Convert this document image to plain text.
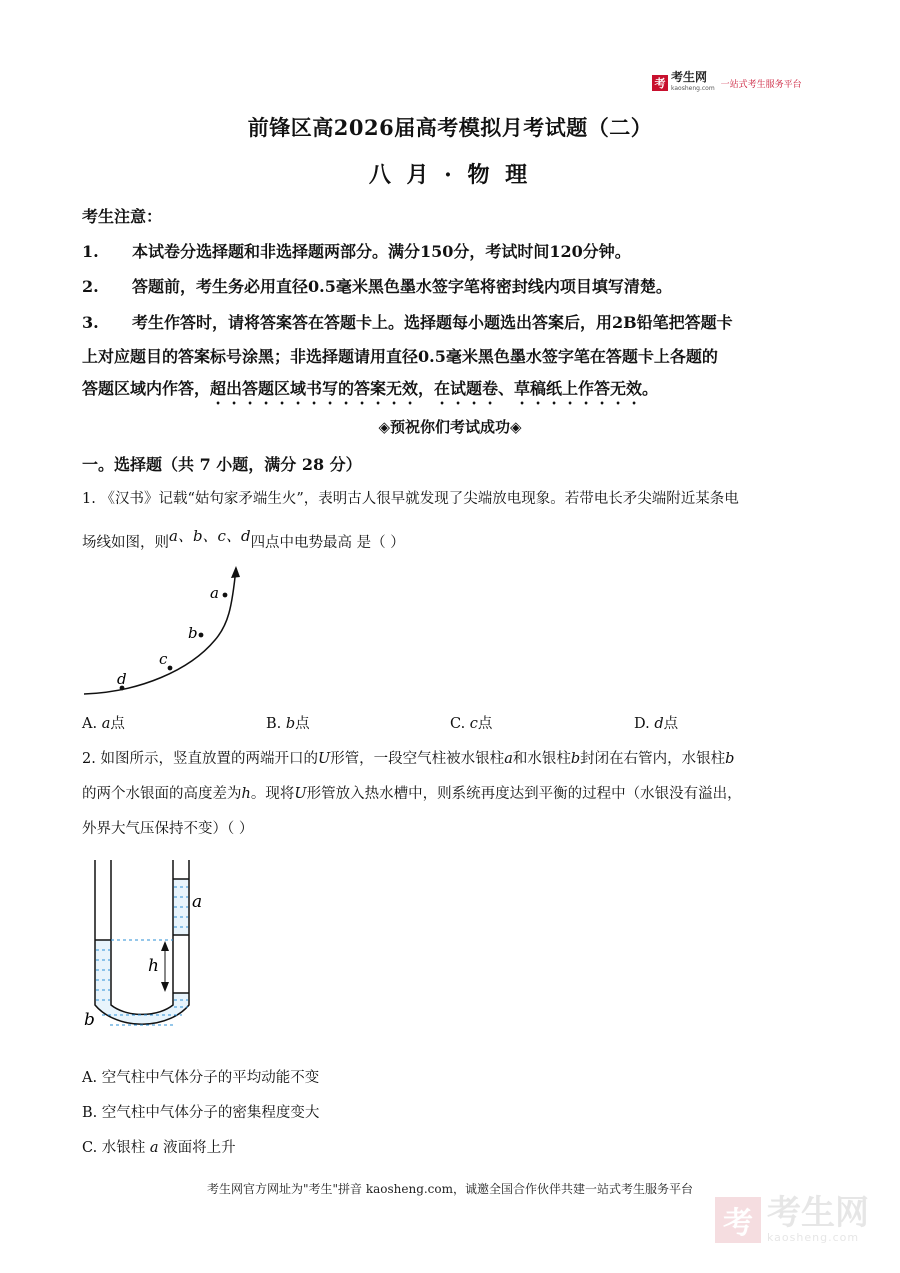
考 考生网
kaosheng.com 一站式考生服务平台
前锋区高2026届高考模拟月考试题（二）
八 月 · 物 理
考生注意：
1. 本试卷分选择题和非选择题两部分。满分150分，考试时间120分钟。
2. 答题前，考生务必用直径0.5毫米黑色墨水签字笔将密封线内项目填写清楚。
3. 考生作答时，请将答案答在答题卡上。选择题每小题选出答案后，用2B铅笔把答题卡
上对应题目的答案标号涂黑；非选择题请用直径0.5毫米黑色墨水签字笔在答题卡上各题的
答题区域内作答，超出答题区域书写的答案无效，在试题卷、草稿纸上作答无效。
◈预祝你们考试成功◈
一。选择题（共 7 小题，满分 28 分）
1. 《汉书》记载“姑句家矛端生火”，表明古人很早就发现了尖端放电现象。若带电长矛尖端附近某条电
场线如图，则a、b、c、d四点中电势最高 是（ ）
a
b
c
d
A. a点	B. b点	C. c点	D. d点
2. 如图所示，竖直放置的两端开口的U形管，一段空气柱被水银柱a和水银柱b封闭在右管内，水银柱b
的两个水银面的高度差为h。现将U形管放入热水槽中，则系统再度达到平衡的过程中（水银没有溢出，
外界大气压保持不变）（ ）
h
a
b
A. 空气柱中气体分子的平均动能不变
B. 空气柱中气体分子的密集程度变大
C. 水银柱 a 液面将上升
考生网官方网址为"考生"拼音 kaosheng.com，诚邀全国合作伙伴共建一站式考生服务平台
考 考生网
kaosheng.com
